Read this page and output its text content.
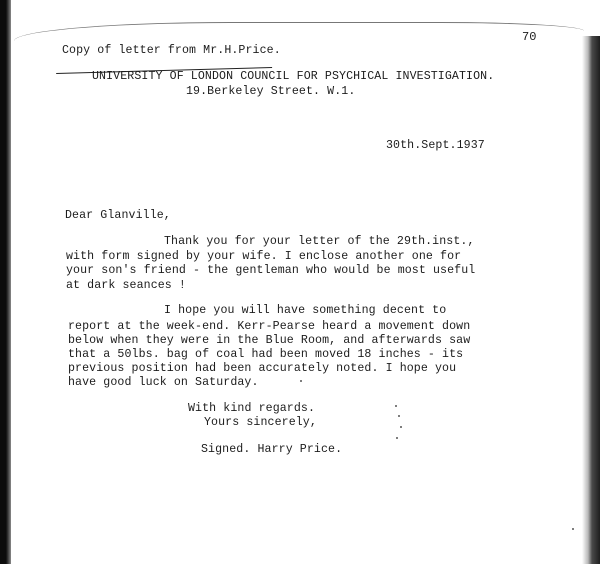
70
Copy of letter from Mr.H.Price.
UNIVERSITY OF LONDON COUNCIL FOR PSYCHICAL INVESTIGATION.
19.Berkeley Street. W.1.
30th.Sept.1937
Dear Glanville,
Thank you for your letter of the 29th.inst.,
with form signed by your wife. I enclose another one for
your son's friend - the gentleman who would be most useful
at dark seances !
I hope you will have something decent to
report at the week-end. Kerr-Pearse heard a movement down
below when they were in the Blue Room, and afterwards saw
that a 50lbs. bag of coal had been moved 18 inches - its
previous position had been accurately noted. I hope you
have good luck on Saturday.
With kind regards.
Yours sincerely,
Signed. Harry Price.
